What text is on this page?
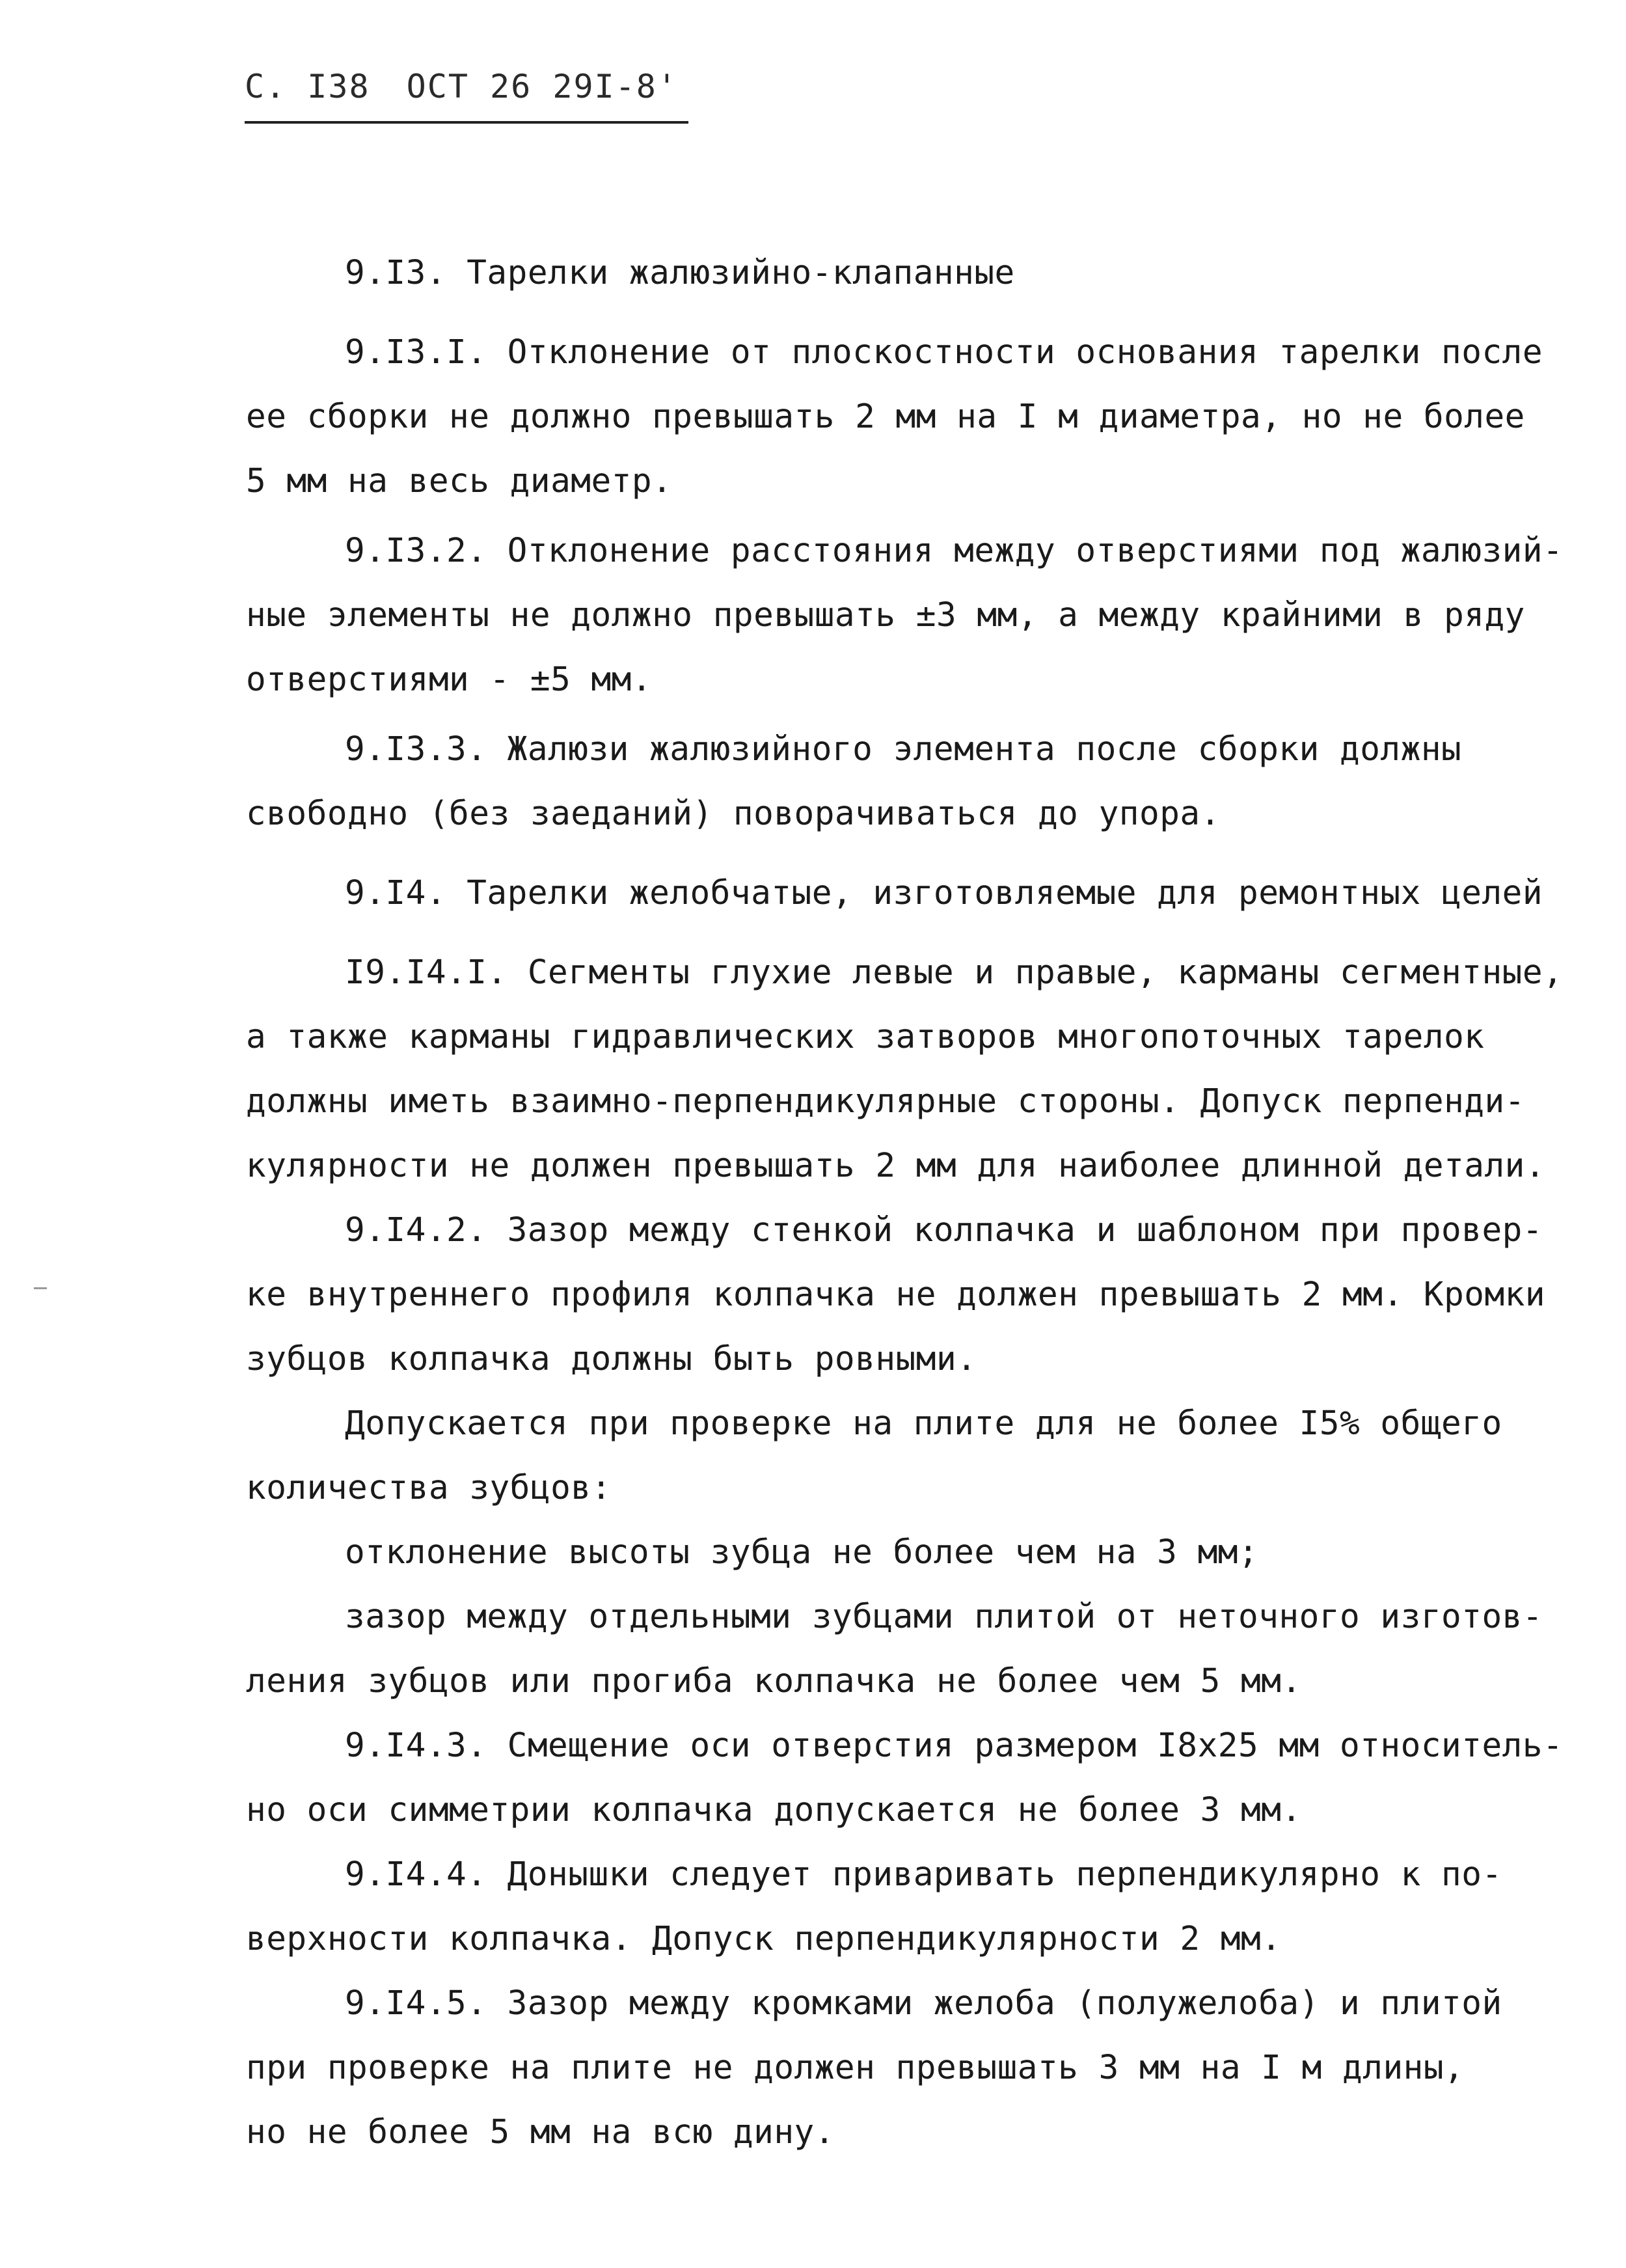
С. I38 ОСТ 26 29I-8'
9.I3. Тарелки жалюзийно-клапанные
9.I3.I. Отклонение от плоскостности основания тарелки после
ее сборки не должно превышать 2 мм на I м диаметра, но не более
5 мм на весь диаметр.
9.I3.2. Отклонение расстояния между отверстиями под жалюзий-
ные элементы не должно превышать ±3 мм, а между крайними в ряду
отверстиями - ±5 мм.
9.I3.3. Жалюзи жалюзийного элемента после сборки должны
свободно (без заеданий) поворачиваться до упора.
9.I4. Тарелки желобчатые, изготовляемые для ремонтных целей
I9.I4.I. Сегменты глухие левые и правые, карманы сегментные,
а также карманы гидравлических затворов многопоточных тарелок
должны иметь взаимно-перпендикулярные стороны. Допуск перпенди-
кулярности не должен превышать 2 мм для наиболее длинной детали.
9.I4.2. Зазор между стенкой колпачка и шаблоном при провер-
ке внутреннего профиля колпачка не должен превышать 2 мм. Кромки
зубцов колпачка должны быть ровными.
Допускается при проверке на плите для не более I5% общего
количества зубцов:
отклонение высоты зубца не более чем на 3 мм;
зазор между отдельными зубцами плитой от неточного изготов-
ления зубцов или прогиба колпачка не более чем 5 мм.
9.I4.3. Смещение оси отверстия размером I8x25 мм относитель-
но оси симметрии колпачка допускается не более 3 мм.
9.I4.4. Донышки следует приваривать перпендикулярно к по-
верхности колпачка. Допуск перпендикулярности 2 мм.
9.I4.5. Зазор между кромками желоба (полужелоба) и плитой
при проверке на плите не должен превышать 3 мм на I м длины,
но не более 5 мм на всю дину.
